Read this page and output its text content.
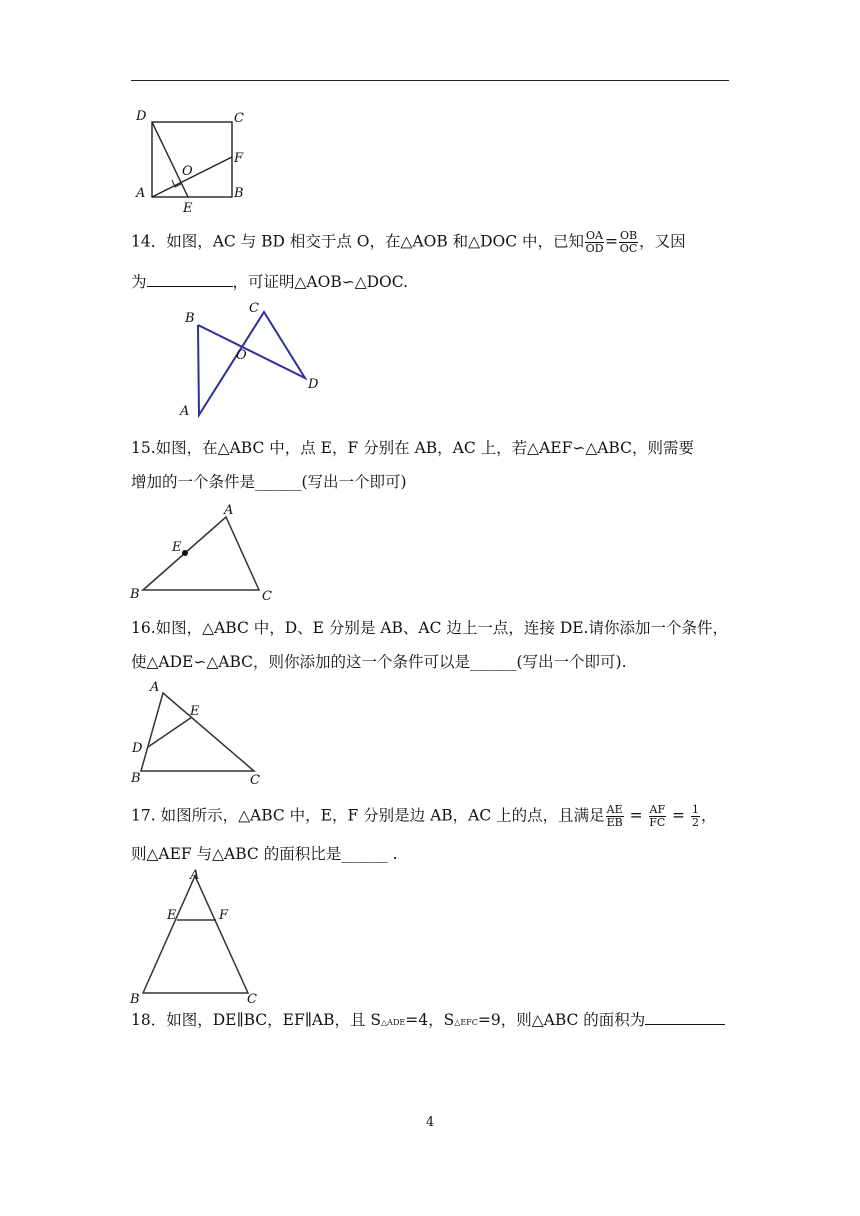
D	C
F
O
A	B
E
14．如图，AC 与 BD 相交于点 O，在△AOB 和△DOC 中，已知 $\frac{OA}{OD} = \frac{OB}{OC}$ ，又因
为	，可证明△AOB∽△DOC.
B
C
O
D
A
15.如图，在△ABC 中，点 E，F 分别在 AB，AC 上，若△AEF∽△ABC，则需要
增加的一个条件是______(写出一个即可)
A
E
B	C
16.如图，△ABC 中，D、E 分别是 AB、AC 边上一点，连接 DE.请你添加一个条件，
使△ADE∽△ABC，则你添加的这一个条件可以是______(写出一个即可).
A
E
D
B	C
17. 如图所示，△ABC 中，E，F 分别是边 AB，AC 上的点，且满足 $\frac{AE}{EB} = \frac{AF}{FC} = \frac{1}{2}$ ，
则△AEF 与△ABC 的面积比是______ .
A
E	F
B	C
18．如图，DE∥BC，EF∥AB，且 S△ADE=4，S△EFC=9，则△ABC 的面积为
4
